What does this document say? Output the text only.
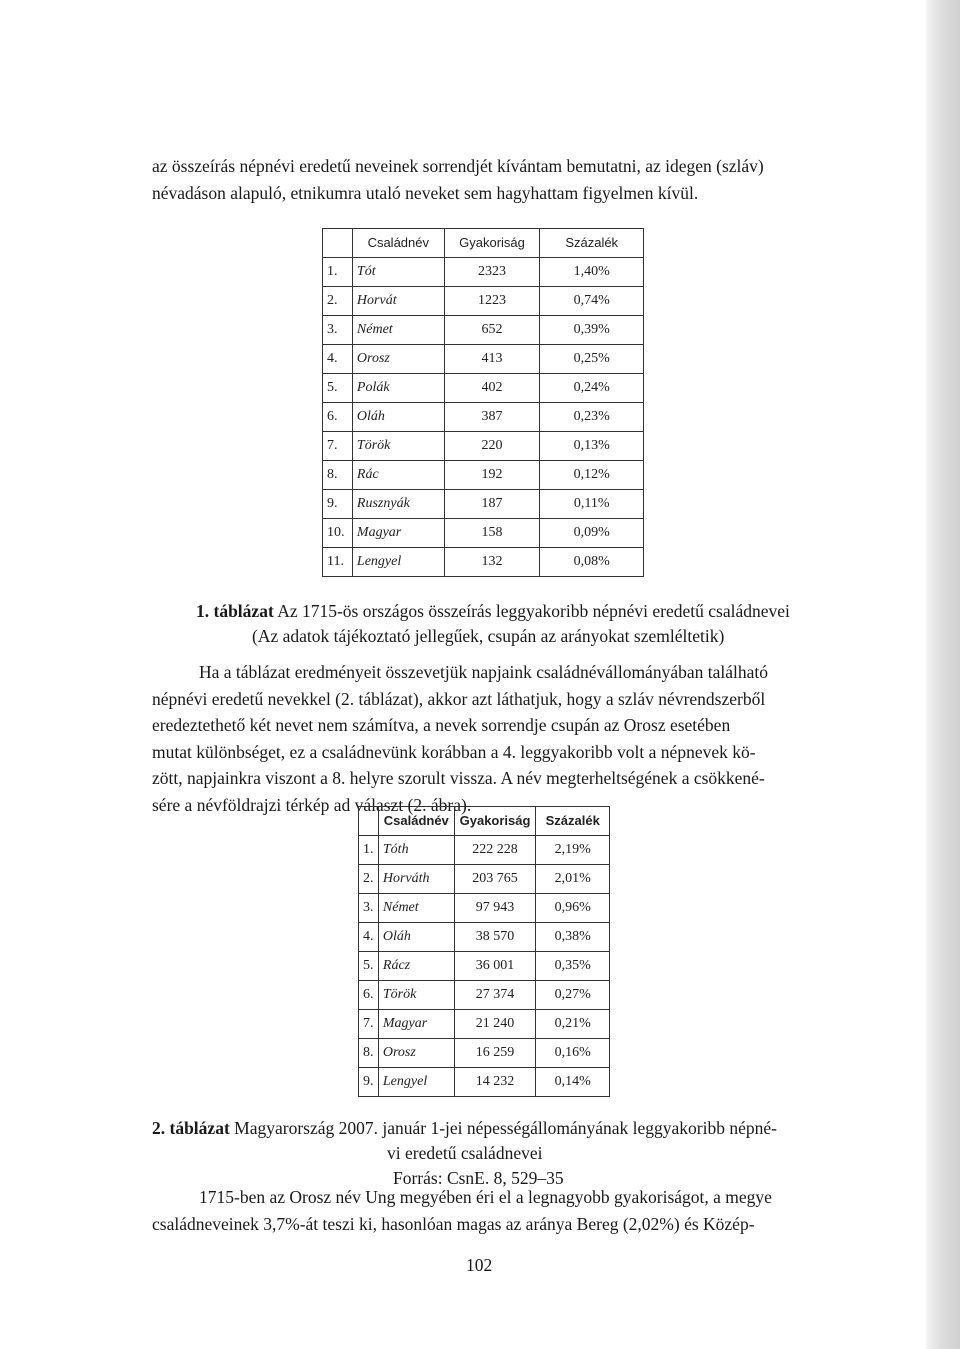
az összeírás népnévi eredetű neveinek sorrendjét kívántam bemutatni, az idegen (szláv)
névadáson alapuló, etnikumra utaló neveket sem hagyhattam figyelmen kívül.
	Családnév	Gyakoriság	Százalék
1.	Tót	2323	1,40%
2.	Horvát	1223	0,74%
3.	Német	652	0,39%
4.	Orosz	413	0,25%
5.	Polák	402	0,24%
6.	Oláh	387	0,23%
7.	Török	220	0,13%
8.	Rác	192	0,12%
9.	Rusznyák	187	0,11%
10.	Magyar	158	0,09%
11.	Lengyel	132	0,08%
1. táblázat Az 1715-ös országos összeírás leggyakoribb népnévi eredetű családnevei
(Az adatok tájékoztató jellegűek, csupán az arányokat szemléltetik)
Ha a táblázat eredményeit összevetjük napjaink családnévállományában található
népnévi eredetű nevekkel (2. táblázat), akkor azt láthatjuk, hogy a szláv névrendszerből
eredeztethető két nevet nem számítva, a nevek sorrendje csupán az Orosz esetében
mutat különbséget, ez a családnevünk korábban a 4. leggyakoribb volt a népnevek kö-
zött, napjainkra viszont a 8. helyre szorult vissza. A név megterheltségének a csökkené-
sére a névföldrajzi térkép ad választ (2. ábra).
	Családnév	Gyakoriság	Százalék
1.	Tóth	222 228	2,19%
2.	Horváth	203 765	2,01%
3.	Német	97 943	0,96%
4.	Oláh	38 570	0,38%
5.	Rácz	36 001	0,35%
6.	Török	27 374	0,27%
7.	Magyar	21 240	0,21%
8.	Orosz	16 259	0,16%
9.	Lengyel	14 232	0,14%
2. táblázat Magyarország 2007. január 1-jei népességállományának leggyakoribb népné-
vi eredetű családnevei
Forrás: CsnE. 8, 529–35
1715-ben az Orosz név Ung megyében éri el a legnagyobb gyakoriságot, a megye
családneveinek 3,7%-át teszi ki, hasonlóan magas az aránya Bereg (2,02%) és Közép-
102
